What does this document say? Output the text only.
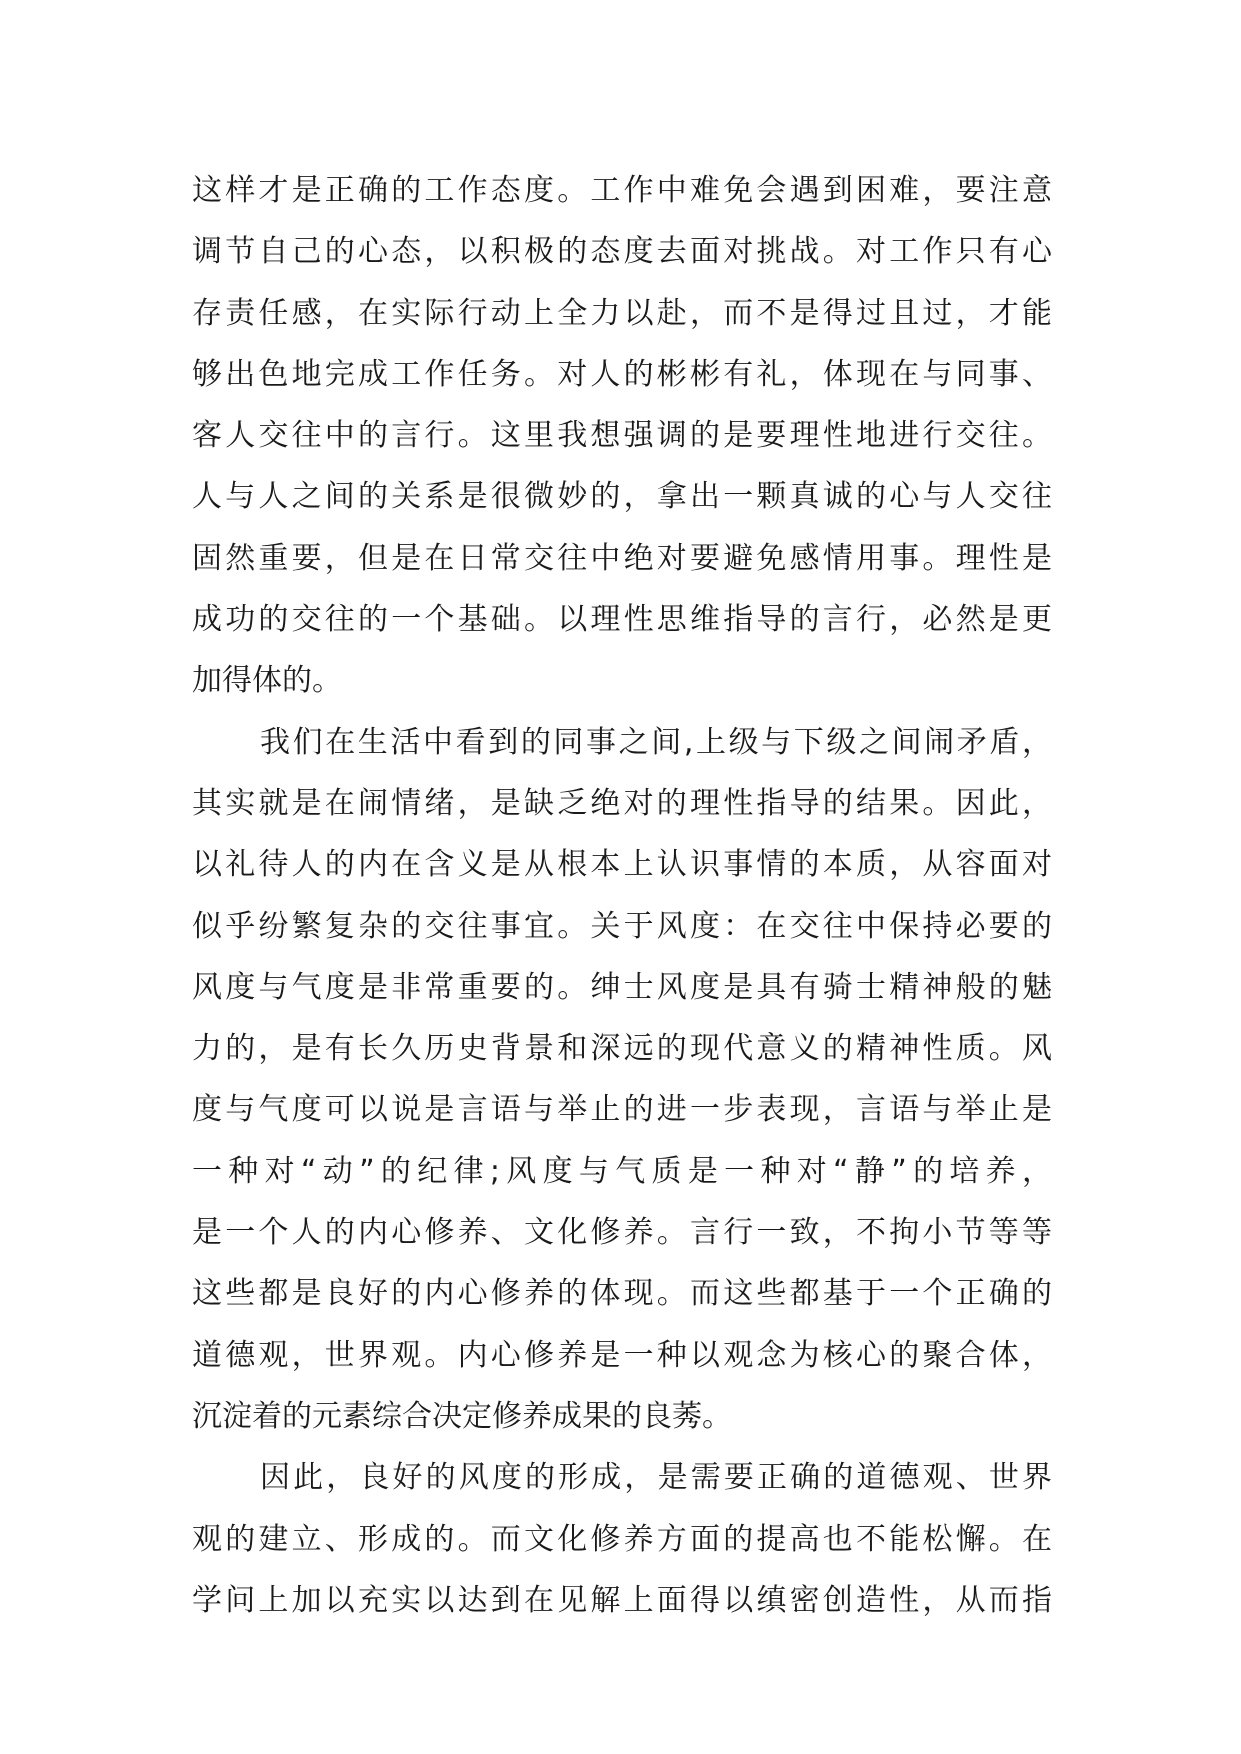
这样才是正确的工作态度。工作中难免会遇到困难，要注意
调节自己的心态，以积极的态度去面对挑战。对工作只有心
存责任感，在实际行动上全力以赴，而不是得过且过，才能
够出色地完成工作任务。对人的彬彬有礼，体现在与同事、
客人交往中的言行。这里我想强调的是要理性地进行交往。
人与人之间的关系是很微妙的，拿出一颗真诚的心与人交往
固然重要，但是在日常交往中绝对要避免感情用事。理性是
成功的交往的一个基础。以理性思维指导的言行，必然是更
加得体的。
我们在生活中看到的同事之间,上级与下级之间闹矛盾，
其实就是在闹情绪，是缺乏绝对的理性指导的结果。因此，
以礼待人的内在含义是从根本上认识事情的本质，从容面对
似乎纷繁复杂的交往事宜。关于风度：在交往中保持必要的
风度与气度是非常重要的。绅士风度是具有骑士精神般的魅
力的，是有长久历史背景和深远的现代意义的精神性质。风
度与气度可以说是言语与举止的进一步表现，言语与举止是
一种对“动”的纪律;风度与气质是一种对“静”的培养，
是一个人的内心修养、文化修养。言行一致，不拘小节等等
这些都是良好的内心修养的体现。而这些都基于一个正确的
道德观，世界观。内心修养是一种以观念为核心的聚合体，
沉淀着的元素综合决定修养成果的良莠。
因此，良好的风度的形成，是需要正确的道德观、世界
观的建立、形成的。而文化修养方面的提高也不能松懈。在
学问上加以充实以达到在见解上面得以缜密创造性，从而指
